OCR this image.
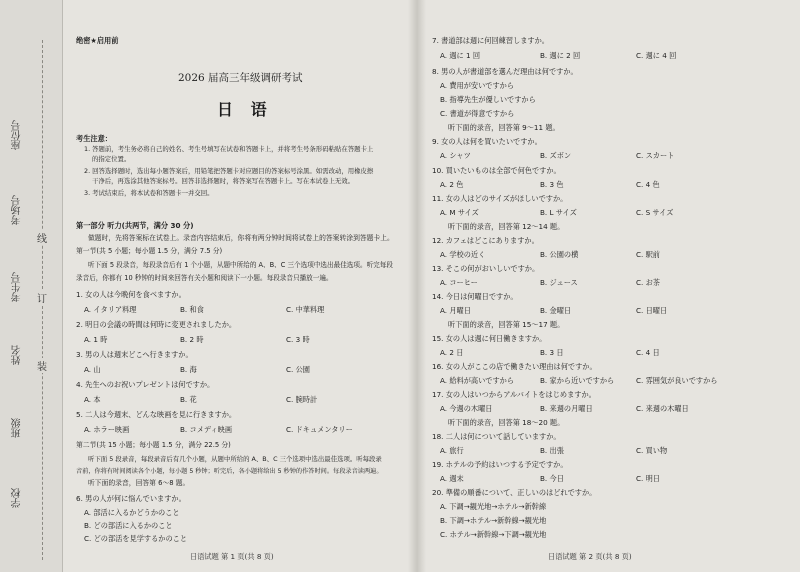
座位号
考场号
考生号
姓名
班级
学校
线
订
装
绝密★启用前
2026 届高三年级调研考试
日 语
考生注意：
1. 答题前，考生务必将自己的姓名、考生号填写在试卷和答题卡上，并将考生号条形码粘贴在答题卡上
的指定位置。
2. 回答选择题时，选出每小题答案后，用铅笔把答题卡对应题目的答案标号涂黑。如需改动，用橡皮擦
干净后，再选涂其他答案标号。回答非选择题时，将答案写在答题卡上。写在本试卷上无效。
3. 考试结束后，将本试卷和答题卡一并交回。
第一部分 听力(共两节，满分 30 分)
做题时，先将答案标在试卷上。录音内容结束后，你将有两分钟时间将试卷上的答案转涂到答题卡上。
第一节(共 5 小题；每小题 1.5 分，满分 7.5 分)
听下面 5 段录音，每段录音后有 1 个小题，从题中所给的 A、B、C 三个选项中选出最佳选项。听完每段
录音后，你都有 10 秒钟的时间来回答有关小题和阅读下一小题。每段录音只播放一遍。
1. 女の人は今晩何を食べますか。
A. イタリア料理	B. 和食	C. 中華料理
2. 明日の会議の時間は何時に変更されましたか。
A. 1 時	B. 2 時	C. 3 時
3. 男の人は週末どこへ行きますか。
A. 山	B. 海	C. 公園
4. 先生へのお祝いプレゼントは何ですか。
A. 本	B. 花	C. 腕時計
5. 二人は今週末、どんな映画を見に行きますか。
A. ホラー映画	B. コメディ映画	C. ドキュメンタリー
第二节(共 15 小题；每小题 1.5 分，满分 22.5 分)
听下面 5 段录音，每段录音后有几个小题，从题中所给的 A、B、C 三个选项中选出最佳选项。听每段录
音前，你将有时间阅读各个小题，每小题 5 秒钟；听完后，各小题将给出 5 秒钟的作答时间。每段录音读两遍。
听下面的录音，回答第 6～8 题。
6. 男の人が何に悩んでいますか。
A. 部活に入るかどうかのこと
B. どの部活に入るかのこと
C. どの部活を見学するかのこと
日语试题 第 1 页(共 8 页)
7. 書道部は週に何回練習しますか。
A. 週に 1 回	B. 週に 2 回	C. 週に 4 回
8. 男の人が書道部を選んだ理由は何ですか。
A. 費用が安いですから
B. 指導先生が優しいですから
C. 書道が得意ですから
听下面的录音，回答第 9～11 题。
9. 女の人は何を買いたいですか。
A. シャツ	B. ズボン	C. スカート
10. 買いたいものは全部で何色ですか。
A. 2 色	B. 3 色	C. 4 色
11. 女の人はどのサイズがほしいですか。
A. M サイズ	B. L サイズ	C. S サイズ
听下面的录音，回答第 12～14 题。
12. カフェはどこにありますか。
A. 学校の近く	B. 公園の横	C. 駅前
13. そこの何がおいしいですか。
A. コーヒー	B. ジュース	C. お茶
14. 今日は何曜日ですか。
A. 月曜日	B. 金曜日	C. 日曜日
听下面的录音，回答第 15～17 题。
15. 女の人は週に何日働きますか。
A. 2 日	B. 3 日	C. 4 日
16. 女の人がここの店で働きたい理由は何ですか。
A. 給料が高いですから	B. 家から近いですから	C. 雰囲気が良いですから
17. 女の人はいつからアルバイトをはじめますか。
A. 今週の木曜日	B. 来週の月曜日	C. 来週の木曜日
听下面的录音，回答第 18～20 题。
18. 二人は何について話していますか。
A. 旅行	B. 出張	C. 買い物
19. ホテルの予約はいつする予定ですか。
A. 週末	B. 今日	C. 明日
20. 準備の順番について、正しいのはどれですか。
A. 下調→観光地→ホテル→新幹線
B. 下調→ホテル→新幹線→観光地
C. ホテル→新幹線→下調→観光地
日语试题 第 2 页(共 8 页)
